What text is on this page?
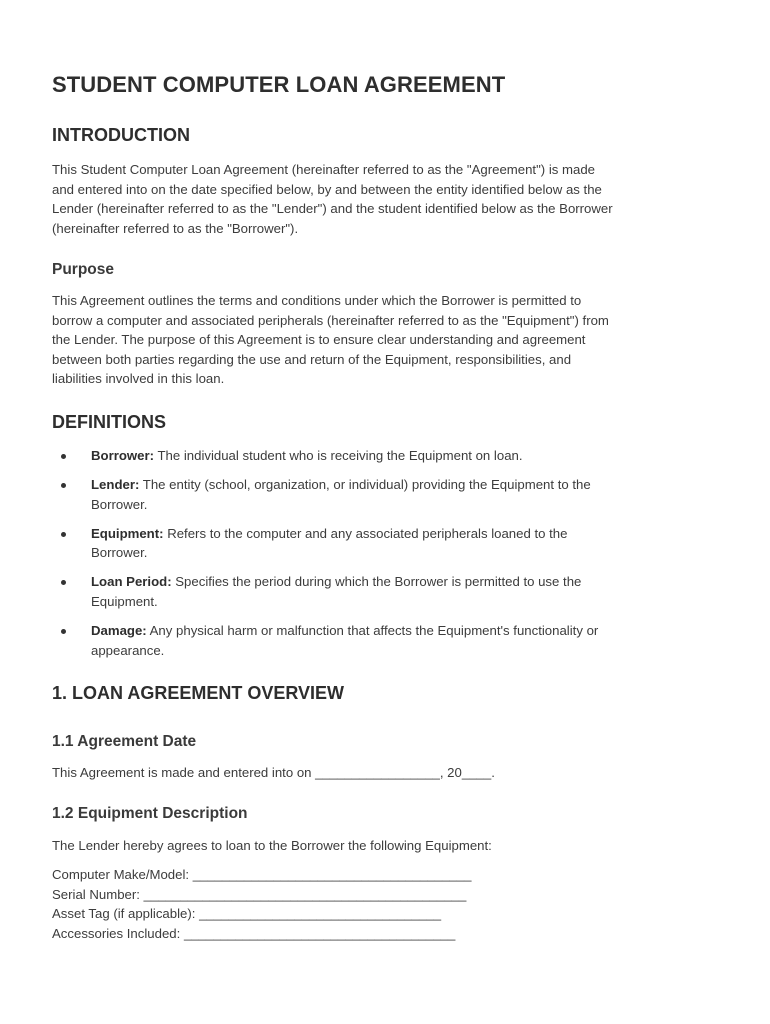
STUDENT COMPUTER LOAN AGREEMENT
INTRODUCTION
This Student Computer Loan Agreement (hereinafter referred to as the "Agreement") is made
and entered into on the date specified below, by and between the entity identified below as the
Lender (hereinafter referred to as the "Lender") and the student identified below as the Borrower
(hereinafter referred to as the "Borrower").
Purpose
This Agreement outlines the terms and conditions under which the Borrower is permitted to
borrow a computer and associated peripherals (hereinafter referred to as the "Equipment") from
the Lender. The purpose of this Agreement is to ensure clear understanding and agreement
between both parties regarding the use and return of the Equipment, responsibilities, and
liabilities involved in this loan.
DEFINITIONS
Borrower: The individual student who is receiving the Equipment on loan.
Lender: The entity (school, organization, or individual) providing the Equipment to the
Borrower.
Equipment: Refers to the computer and any associated peripherals loaned to the
Borrower.
Loan Period: Specifies the period during which the Borrower is permitted to use the
Equipment.
Damage: Any physical harm or malfunction that affects the Equipment's functionality or
appearance.
1. LOAN AGREEMENT OVERVIEW
1.1 Agreement Date
This Agreement is made and entered into on _________________, 20____.
1.2 Equipment Description
The Lender hereby agrees to loan to the Borrower the following Equipment:
Computer Make/Model: ______________________________________
Serial Number: ____________________________________________
Asset Tag (if applicable): _________________________________
Accessories Included: _____________________________________
